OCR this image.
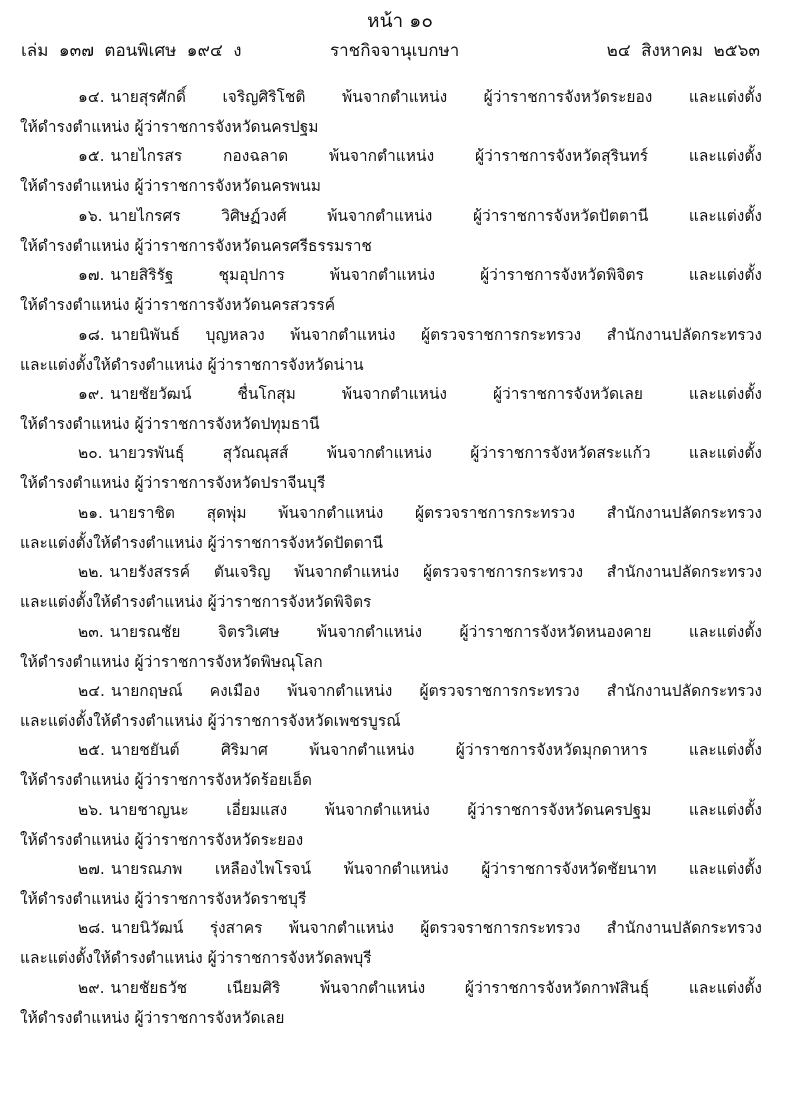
หน้า ๑๐
เล่ม ๑๓๗ ตอนพิเศษ ๑๙๔ ง	ราชกิจจานุเบกษา	๒๔ สิงหาคม ๒๕๖๓
๑๔. นายสุรศักดิ์ เจริญศิริโชติ พ้นจากตำแหน่ง ผู้ว่าราชการจังหวัดระยอง และแต่งตั้ง
ให้ดำรงตำแหน่ง ผู้ว่าราชการจังหวัดนครปฐม
๑๕. นายไกรสร กองฉลาด พ้นจากตำแหน่ง ผู้ว่าราชการจังหวัดสุรินทร์ และแต่งตั้ง
ให้ดำรงตำแหน่ง ผู้ว่าราชการจังหวัดนครพนม
๑๖. นายไกรศร วิศิษฏ์วงศ์ พ้นจากตำแหน่ง ผู้ว่าราชการจังหวัดปัตตานี และแต่งตั้ง
ให้ดำรงตำแหน่ง ผู้ว่าราชการจังหวัดนครศรีธรรมราช
๑๗. นายสิริรัฐ ชุมอุปการ พ้นจากตำแหน่ง ผู้ว่าราชการจังหวัดพิจิตร และแต่งตั้ง
ให้ดำรงตำแหน่ง ผู้ว่าราชการจังหวัดนครสวรรค์
๑๘. นายนิพันธ์ บุญหลวง พ้นจากตำแหน่ง ผู้ตรวจราชการกระทรวง สำนักงานปลัดกระทรวง
และแต่งตั้งให้ดำรงตำแหน่ง ผู้ว่าราชการจังหวัดน่าน
๑๙. นายชัยวัฒน์ ชื่นโกสุม พ้นจากตำแหน่ง ผู้ว่าราชการจังหวัดเลย และแต่งตั้ง
ให้ดำรงตำแหน่ง ผู้ว่าราชการจังหวัดปทุมธานี
๒๐. นายวรพันธุ์ สุวัณณุสส์ พ้นจากตำแหน่ง ผู้ว่าราชการจังหวัดสระแก้ว และแต่งตั้ง
ให้ดำรงตำแหน่ง ผู้ว่าราชการจังหวัดปราจีนบุรี
๒๑. นายราชิต สุดพุ่ม พ้นจากตำแหน่ง ผู้ตรวจราชการกระทรวง สำนักงานปลัดกระทรวง
และแต่งตั้งให้ดำรงตำแหน่ง ผู้ว่าราชการจังหวัดปัตตานี
๒๒. นายรังสรรค์ ตันเจริญ พ้นจากตำแหน่ง ผู้ตรวจราชการกระทรวง สำนักงานปลัดกระทรวง
และแต่งตั้งให้ดำรงตำแหน่ง ผู้ว่าราชการจังหวัดพิจิตร
๒๓. นายรณชัย จิตรวิเศษ พ้นจากตำแหน่ง ผู้ว่าราชการจังหวัดหนองคาย และแต่งตั้ง
ให้ดำรงตำแหน่ง ผู้ว่าราชการจังหวัดพิษณุโลก
๒๔. นายกฤษณ์ คงเมือง พ้นจากตำแหน่ง ผู้ตรวจราชการกระทรวง สำนักงานปลัดกระทรวง
และแต่งตั้งให้ดำรงตำแหน่ง ผู้ว่าราชการจังหวัดเพชรบูรณ์
๒๕. นายชยันต์ ศิริมาศ พ้นจากตำแหน่ง ผู้ว่าราชการจังหวัดมุกดาหาร และแต่งตั้ง
ให้ดำรงตำแหน่ง ผู้ว่าราชการจังหวัดร้อยเอ็ด
๒๖. นายชาญนะ เอี่ยมแสง พ้นจากตำแหน่ง ผู้ว่าราชการจังหวัดนครปฐม และแต่งตั้ง
ให้ดำรงตำแหน่ง ผู้ว่าราชการจังหวัดระยอง
๒๗. นายรณภพ เหลืองไพโรจน์ พ้นจากตำแหน่ง ผู้ว่าราชการจังหวัดชัยนาท และแต่งตั้ง
ให้ดำรงตำแหน่ง ผู้ว่าราชการจังหวัดราชบุรี
๒๘. นายนิวัฒน์ รุ่งสาคร พ้นจากตำแหน่ง ผู้ตรวจราชการกระทรวง สำนักงานปลัดกระทรวง
และแต่งตั้งให้ดำรงตำแหน่ง ผู้ว่าราชการจังหวัดลพบุรี
๒๙. นายชัยธวัช เนียมศิริ พ้นจากตำแหน่ง ผู้ว่าราชการจังหวัดกาฬสินธุ์ และแต่งตั้ง
ให้ดำรงตำแหน่ง ผู้ว่าราชการจังหวัดเลย
